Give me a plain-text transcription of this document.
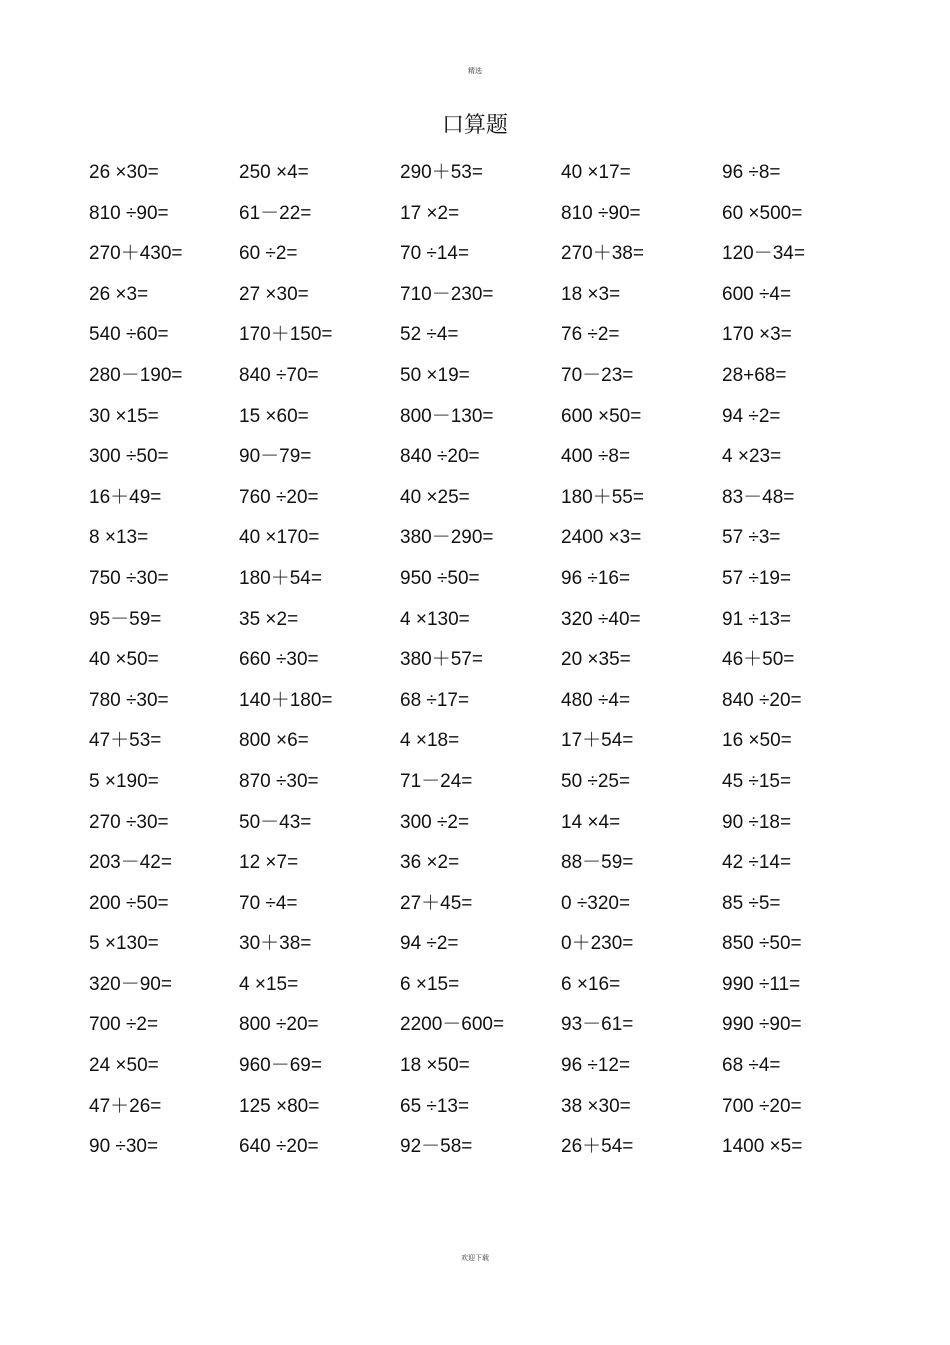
精选
口算题
26 ×30=	250 ×4=	290＋53=	40 ×17=	96 ÷8=
810 ÷90=	61－22=	17 ×2=	810 ÷90=	60 ×500=
270＋430=	60 ÷2=	70 ÷14=	270＋38=	120－34=
26 ×3=	27 ×30=	710－230=	18 ×3=	600 ÷4=
540 ÷60=	170＋150=	52 ÷4=	76 ÷2=	170 ×3=
280－190=	840 ÷70=	50 ×19=	70－23=	28+68=
30 ×15=	15 ×60=	800－130=	600 ×50=	94 ÷2=
300 ÷50=	90－79=	840 ÷20=	400 ÷8=	4 ×23=
16＋49=	760 ÷20=	40 ×25=	180＋55=	83－48=
8 ×13=	40 ×170=	380－290=	2400 ×3=	57 ÷3=
750 ÷30=	180＋54=	950 ÷50=	96 ÷16=	57 ÷19=
95－59=	35 ×2=	4 ×130=	320 ÷40=	91 ÷13=
40 ×50=	660 ÷30=	380＋57=	20 ×35=	46＋50=
780 ÷30=	140＋180=	68 ÷17=	480 ÷4=	840 ÷20=
47＋53=	800 ×6=	4 ×18=	17＋54=	16 ×50=
5 ×190=	870 ÷30=	71－24=	50 ÷25=	45 ÷15=
270 ÷30=	50－43=	300 ÷2=	14 ×4=	90 ÷18=
203－42=	12 ×7=	36 ×2=	88－59=	42 ÷14=
200 ÷50=	70 ÷4=	27＋45=	0 ÷320=	85 ÷5=
5 ×130=	30＋38=	94 ÷2=	0＋230=	850 ÷50=
320－90=	4 ×15=	6 ×15=	6 ×16=	990 ÷11=
700 ÷2=	800 ÷20=	2200－600=	93－61=	990 ÷90=
24 ×50=	960－69=	18 ×50=	96 ÷12=	68 ÷4=
47＋26=	125 ×80=	65 ÷13=	38 ×30=	700 ÷20=
90 ÷30=	640 ÷20=	92－58=	26＋54=	1400 ×5=
欢迎下载
